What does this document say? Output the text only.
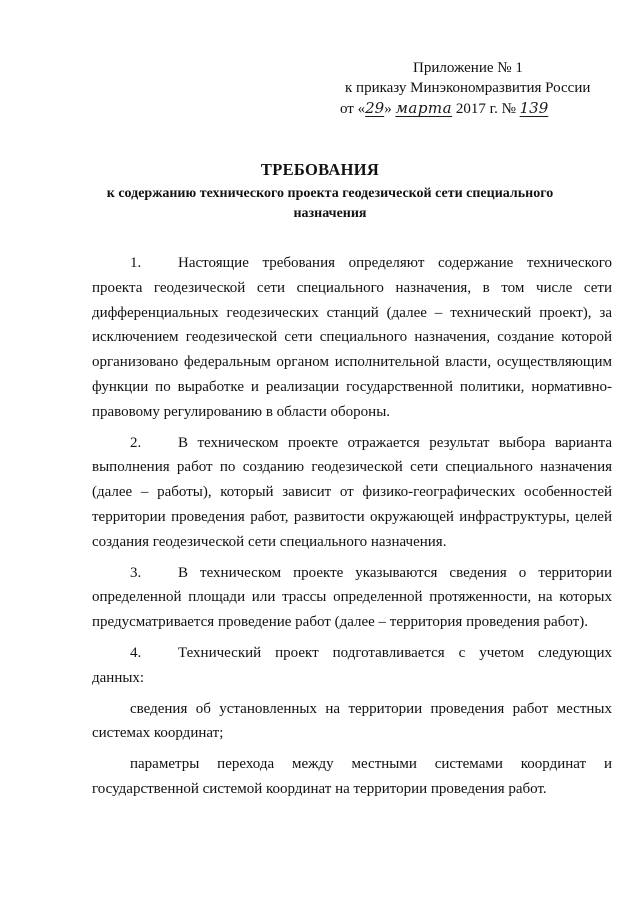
Приложение № 1
к приказу Минэкономразвития России
от «29» марта 2017 г. № 139
ТРЕБОВАНИЯ
к содержанию технического проекта геодезической сети специального назначения

1. Настоящие требования определяют содержание технического проекта геодезической сети специального назначения, в том числе сети дифференциальных геодезических станций (далее – технический проект), за исключением геодезической сети специального назначения, создание которой организовано федеральным органом исполнительной власти, осуществляющим функции по выработке и реализации государственной политики, нормативно-правовому регулированию в области обороны.

2. В техническом проекте отражается результат выбора варианта выполнения работ по созданию геодезической сети специального назначения (далее – работы), который зависит от физико-географических особенностей территории проведения работ, развитости окружающей инфраструктуры, целей создания геодезической сети специального назначения.

3. В техническом проекте указываются сведения о территории определенной площади или трассы определенной протяженности, на которых предусматривается проведение работ (далее – территория проведения работ).

4. Технический проект подготавливается с учетом следующих данных:

сведения об установленных на территории проведения работ местных системах координат;

параметры перехода между местными системами координат и государственной системой координат на территории проведения работ.
